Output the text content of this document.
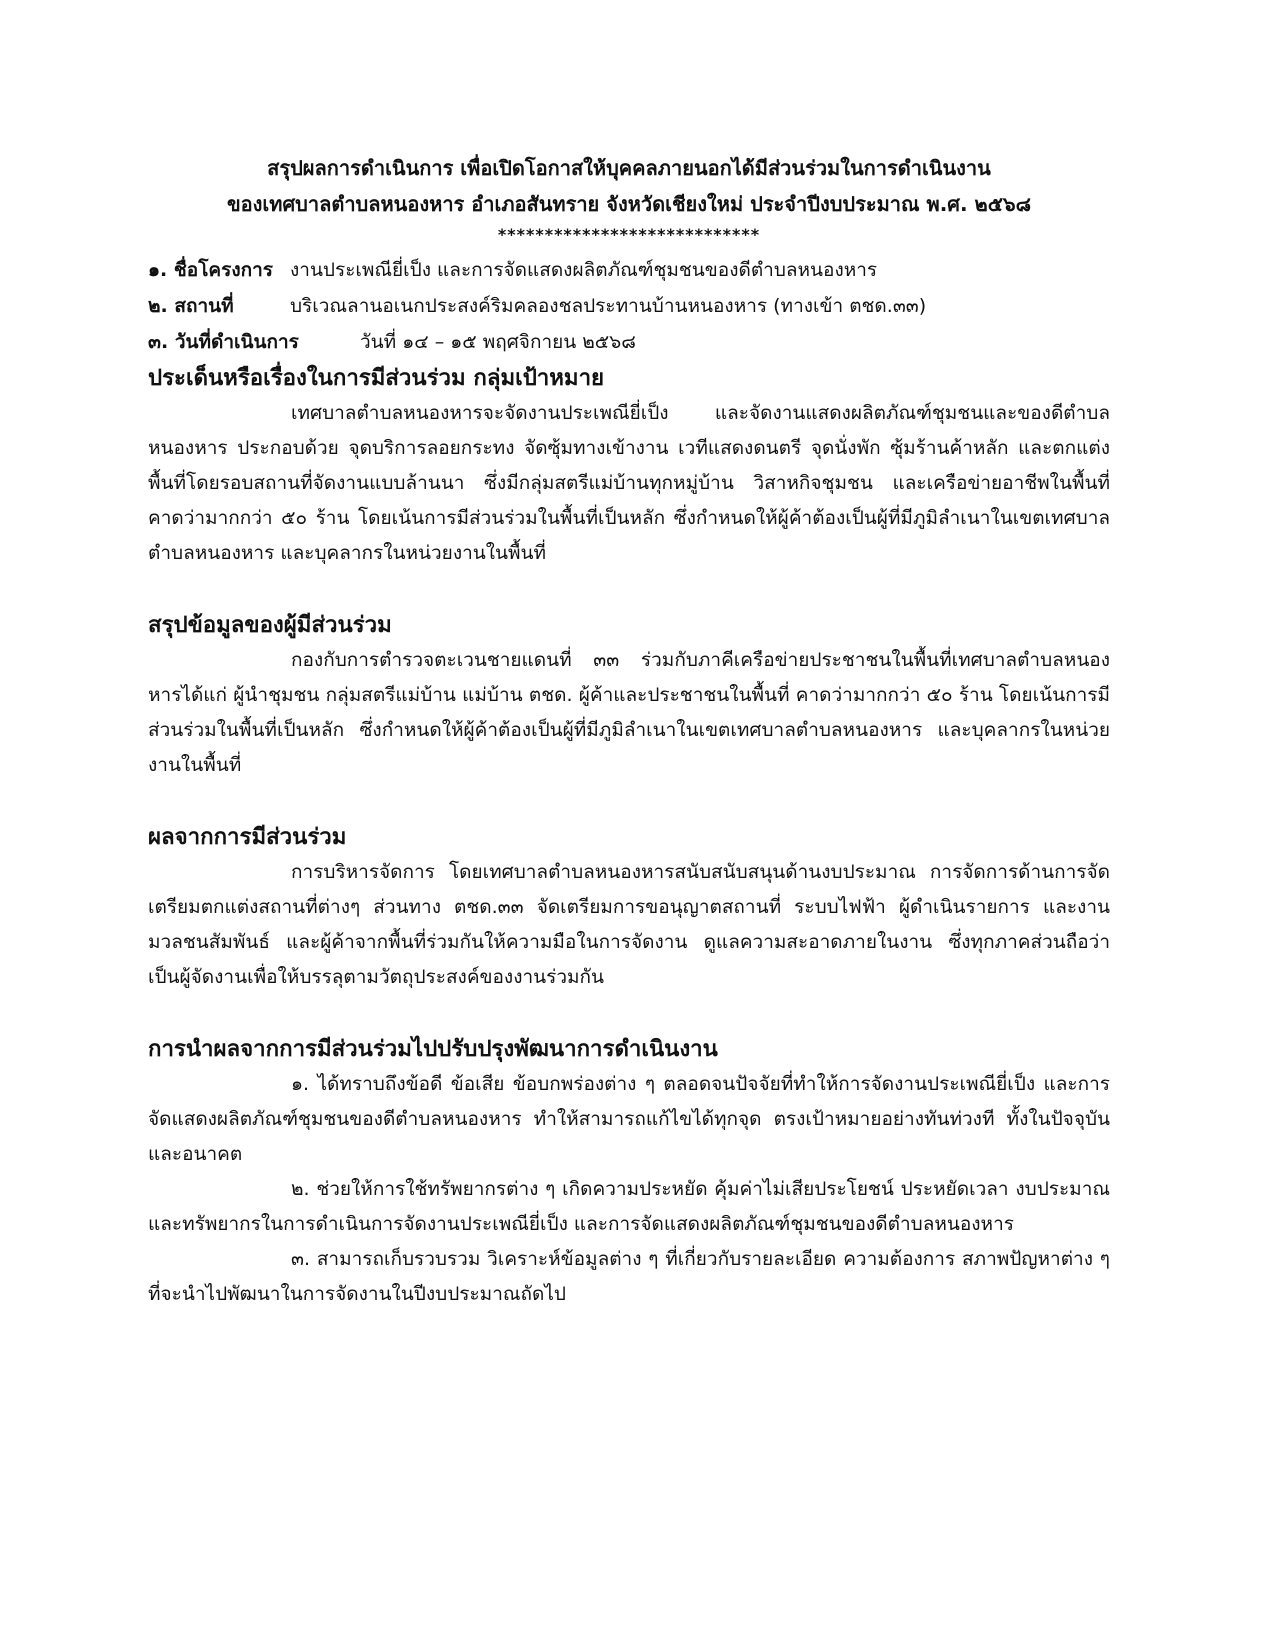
สรุปผลการดำเนินการ เพื่อเปิดโอกาสให้บุคคลภายนอกได้มีส่วนร่วมในการดำเนินงาน

ของเทศบาลตำบลหนองหาร อำเภอสันทราย จังหวัดเชียงใหม่ ประจำปีงบประมาณ พ.ศ. ๒๕๖๘

****************************

๑. ชื่อโครงการ งานประเพณียี่เป็ง และการจัดแสดงผลิตภัณฑ์ชุมชนของดีตำบลหนองหาร
๒. สถานที่	บริเวณลานอเนกประสงค์ริมคลองชลประทานบ้านหนองหาร (ทางเข้า ตชด.๓๓)
๓. วันที่ดำเนินการ	วันที่ ๑๔ – ๑๕ พฤศจิกายน ๒๕๖๘
ประเด็นหรือเรื่องในการมีส่วนร่วม กลุ่มเป้าหมาย

เทศบาลตำบลหนองหารจะจัดงานประเพณียี่เป็ง และจัดงานแสดงผลิตภัณฑ์ชุมชนและของดีตำบลหนองหาร ประกอบด้วย จุดบริการลอยกระทง จัดซุ้มทางเข้างาน เวทีแสดงดนตรี จุดนั่งพัก ซุ้มร้านค้าหลัก และตกแต่งพื้นที่โดยรอบสถานที่จัดงานแบบล้านนา ซึ่งมีกลุ่มสตรีแม่บ้านทุกหมู่บ้าน วิสาหกิจชุมชน และเครือข่ายอาชีพในพื้นที่ คาดว่ามากกว่า ๕๐ ร้าน โดยเน้นการมีส่วนร่วมในพื้นที่เป็นหลัก ซึ่งกำหนดให้ผู้ค้าต้องเป็นผู้ที่มีภูมิลำเนาในเขตเทศบาลตำบลหนองหาร และบุคลากรในหน่วยงานในพื้นที่

สรุปข้อมูลของผู้มีส่วนร่วม

กองกับการตำรวจตะเวนชายแดนที่ ๓๓ ร่วมกับภาคีเครือข่ายประชาชนในพื้นที่เทศบาลตำบลหนองหารได้แก่ ผู้นำชุมชน กลุ่มสตรีแม่บ้าน แม่บ้าน ตชด. ผู้ค้าและประชาชนในพื้นที่ คาดว่ามากกว่า ๕๐ ร้าน โดยเน้นการมีส่วนร่วมในพื้นที่เป็นหลัก ซึ่งกำหนดให้ผู้ค้าต้องเป็นผู้ที่มีภูมิลำเนาในเขตเทศบาลตำบลหนองหาร และบุคลากรในหน่วยงานในพื้นที่

ผลจากการมีส่วนร่วม

การบริหารจัดการ โดยเทศบาลตำบลหนองหารสนับสนับสนุนด้านงบประมาณ การจัดการด้านการจัดเตรียมตกแต่งสถานที่ต่างๆ ส่วนทาง ตชด.๓๓ จัดเตรียมการขอนุญาตสถานที่ ระบบไฟฟ้า ผู้ดำเนินรายการ และงานมวลชนสัมพันธ์ และผู้ค้าจากพื้นที่ร่วมกันให้ความมือในการจัดงาน ดูแลความสะอาดภายในงาน ซึ่งทุกภาคส่วนถือว่าเป็นผู้จัดงานเพื่อให้บรรลุตามวัตถุประสงค์ของงานร่วมกัน

การนำผลจากการมีส่วนร่วมไปปรับปรุงพัฒนาการดำเนินงาน

๑. ได้ทราบถึงข้อดี ข้อเสีย ข้อบกพร่องต่าง ๆ ตลอดจนปัจจัยที่ทำให้การจัดงานประเพณียี่เป็ง และการจัดแสดงผลิตภัณฑ์ชุมชนของดีตำบลหนองหาร ทำให้สามารถแก้ไขได้ทุกจุด ตรงเป้าหมายอย่างทันท่วงที ทั้งในปัจจุบันและอนาคต

๒. ช่วยให้การใช้ทรัพยากรต่าง ๆ เกิดความประหยัด คุ้มค่าไม่เสียประโยชน์ ประหยัดเวลา งบประมาณ และทรัพยากรในการดำเนินการจัดงานประเพณียี่เป็ง และการจัดแสดงผลิตภัณฑ์ชุมชนของดีตำบลหนองหาร

๓. สามารถเก็บรวบรวม วิเคราะห์ข้อมูลต่าง ๆ ที่เกี่ยวกับรายละเอียด ความต้องการ สภาพปัญหาต่าง ๆ ที่จะนำไปพัฒนาในการจัดงานในปีงบประมาณถัดไป
